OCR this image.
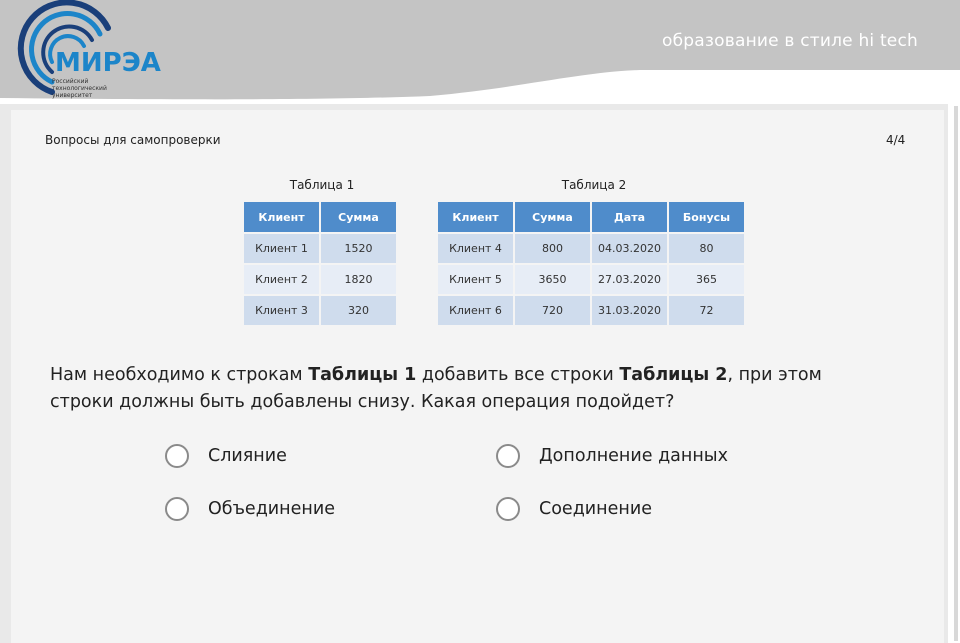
МИРЭА
Российский
технологический
университет
образование в стиле hi tech
Вопросы для самопроверки	4/4
Таблица 1
Клиент	Сумма
Клиент 1	1520
Клиент 2	1820
Клиент 3	320
Таблица 2
Клиент	Сумма	Дата	Бонусы
Клиент 4	800	04.03.2020	80
Клиент 5	3650	27.03.2020	365
Клиент 6	720	31.03.2020	72
Нам необходимо к строкам Таблицы 1 добавить все строки Таблицы 2, при этом строки должны быть добавлены снизу. Какая операция подойдет?
Слияние	Дополнение данных
Объединение	Соединение
